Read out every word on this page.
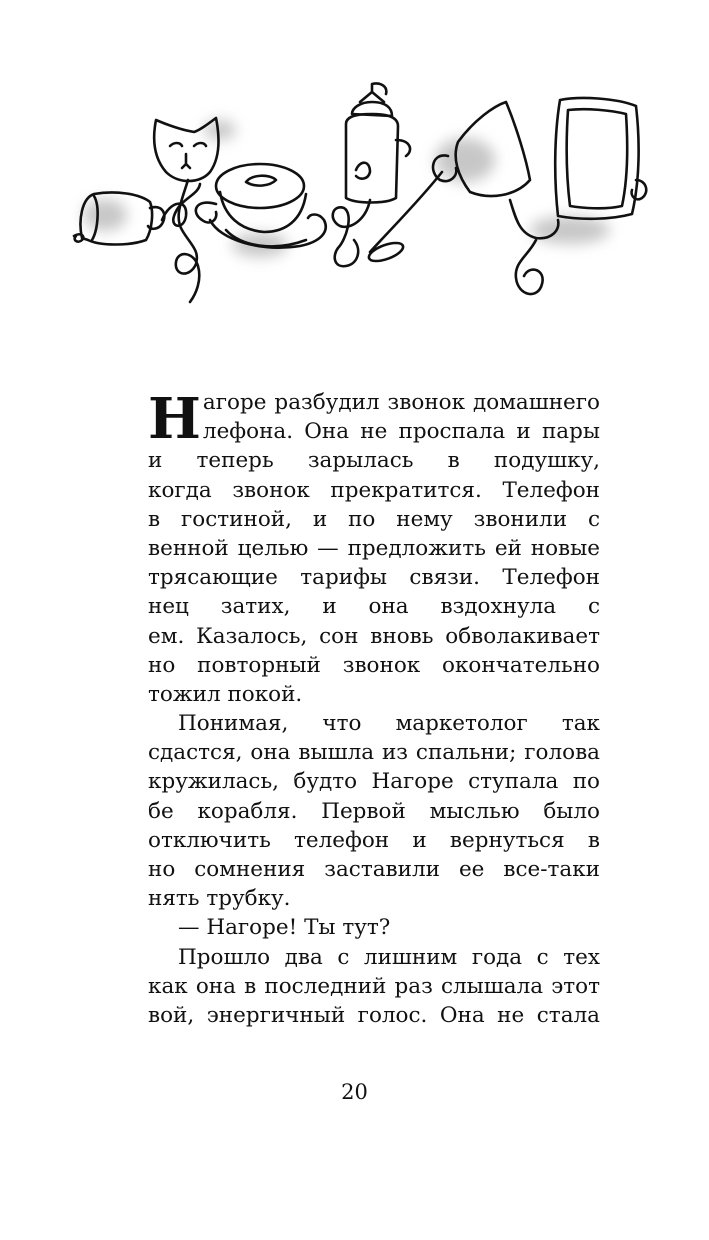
Н агоре разбудил звонок домашнего
лефона. Она не проспала и пары
и теперь зарылась в подушку,
когда звонок прекратится. Телефон
в гостиной, и по нему звонили с
венной целью — предложить ей новые
трясающие тарифы связи. Телефон
нец затих, и она вздохнула с
ем. Казалось, сон вновь обволакивает
но повторный звонок окончательно
тожил покой.
Понимая, что маркетолог так
сдастся, она вышла из спальни; голова
кружилась, будто Нагоре ступала по
бе корабля. Первой мыслью было
отключить телефон и вернуться в
но сомнения заставили ее все-таки
нять трубку.
— Нагоре! Ты тут?
Прошло два с лишним года с тех
как она в последний раз слышала этот
вой, энергичный голос. Она не стала
20
